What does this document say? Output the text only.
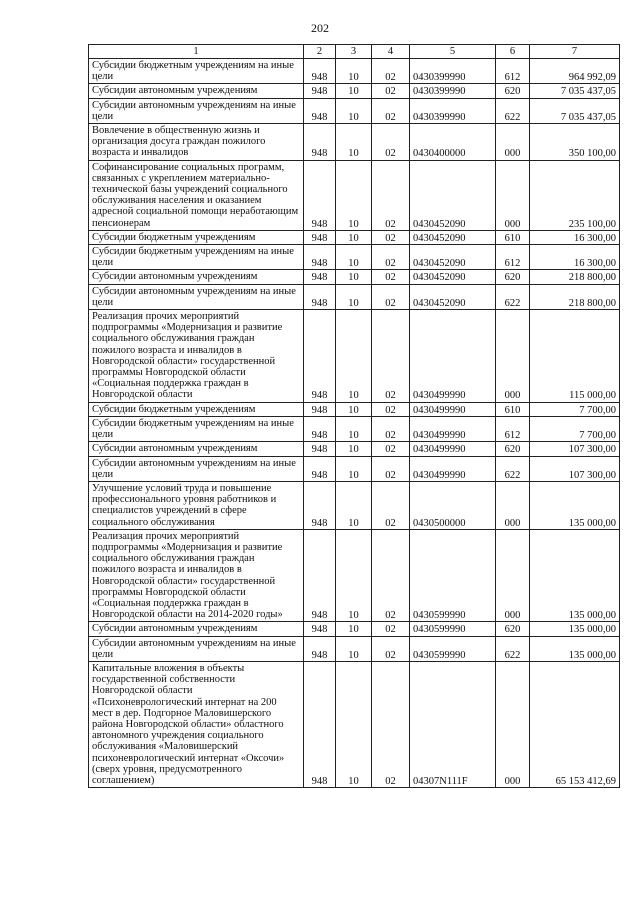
202
1	2	3	4	5	6	7
Субсидии бюджетным учреждениям на иные цели	948	10	02	0430399990	612	964 992,09
Субсидии автономным учреждениям	948	10	02	0430399990	620	7 035 437,05
Субсидии автономным учреждениям на иные цели	948	10	02	0430399990	622	7 035 437,05
Вовлечение в общественную жизнь и организация досуга граждан пожилого возраста и инвалидов	948	10	02	0430400000	000	350 100,00
Софинансирование социальных программ, связанных с укреплением материально-технической базы учреждений социального обслуживания населения и оказанием адресной социальной помощи неработающим пенсионерам	948	10	02	0430452090	000	235 100,00
Субсидии бюджетным учреждениям	948	10	02	0430452090	610	16 300,00
Субсидии бюджетным учреждениям на иные цели	948	10	02	0430452090	612	16 300,00
Субсидии автономным учреждениям	948	10	02	0430452090	620	218 800,00
Субсидии автономным учреждениям на иные цели	948	10	02	0430452090	622	218 800,00
Реализация прочих мероприятий подпрограммы «Модернизация и развитие социального обслуживания граждан пожилого возраста и инвалидов в Новгородской области» государственной программы Новгородской области «Социальная поддержка граждан в Новгородской области	948	10	02	0430499990	000	115 000,00
Субсидии бюджетным учреждениям	948	10	02	0430499990	610	7 700,00
Субсидии бюджетным учреждениям на иные цели	948	10	02	0430499990	612	7 700,00
Субсидии автономным учреждениям	948	10	02	0430499990	620	107 300,00
Субсидии автономным учреждениям на иные цели	948	10	02	0430499990	622	107 300,00
Улучшение условий труда и повышение профессионального уровня работников и специалистов учреждений в сфере социального обслуживания	948	10	02	0430500000	000	135 000,00
Реализация прочих мероприятий подпрограммы «Модернизация и развитие социального обслуживания граждан пожилого возраста и инвалидов в Новгородской области» государственной программы Новгородской области «Социальная поддержка граждан в Новгородской области на 2014-2020 годы»	948	10	02	0430599990	000	135 000,00
Субсидии автономным учреждениям	948	10	02	0430599990	620	135 000,00
Субсидии автономным учреждениям на иные цели	948	10	02	0430599990	622	135 000,00
Капитальные вложения в объекты государственной собственности Новгородской области «Психоневрологический интернат на 200 мест в дер. Подгорное Маловишерского района Новгородской области» областного автономного учреждения социального обслуживания «Маловишерский психоневрологический интернат «Оксочи» (сверх уровня, предусмотренного соглашением)	948	10	02	04307N111F	000	65 153 412,69
